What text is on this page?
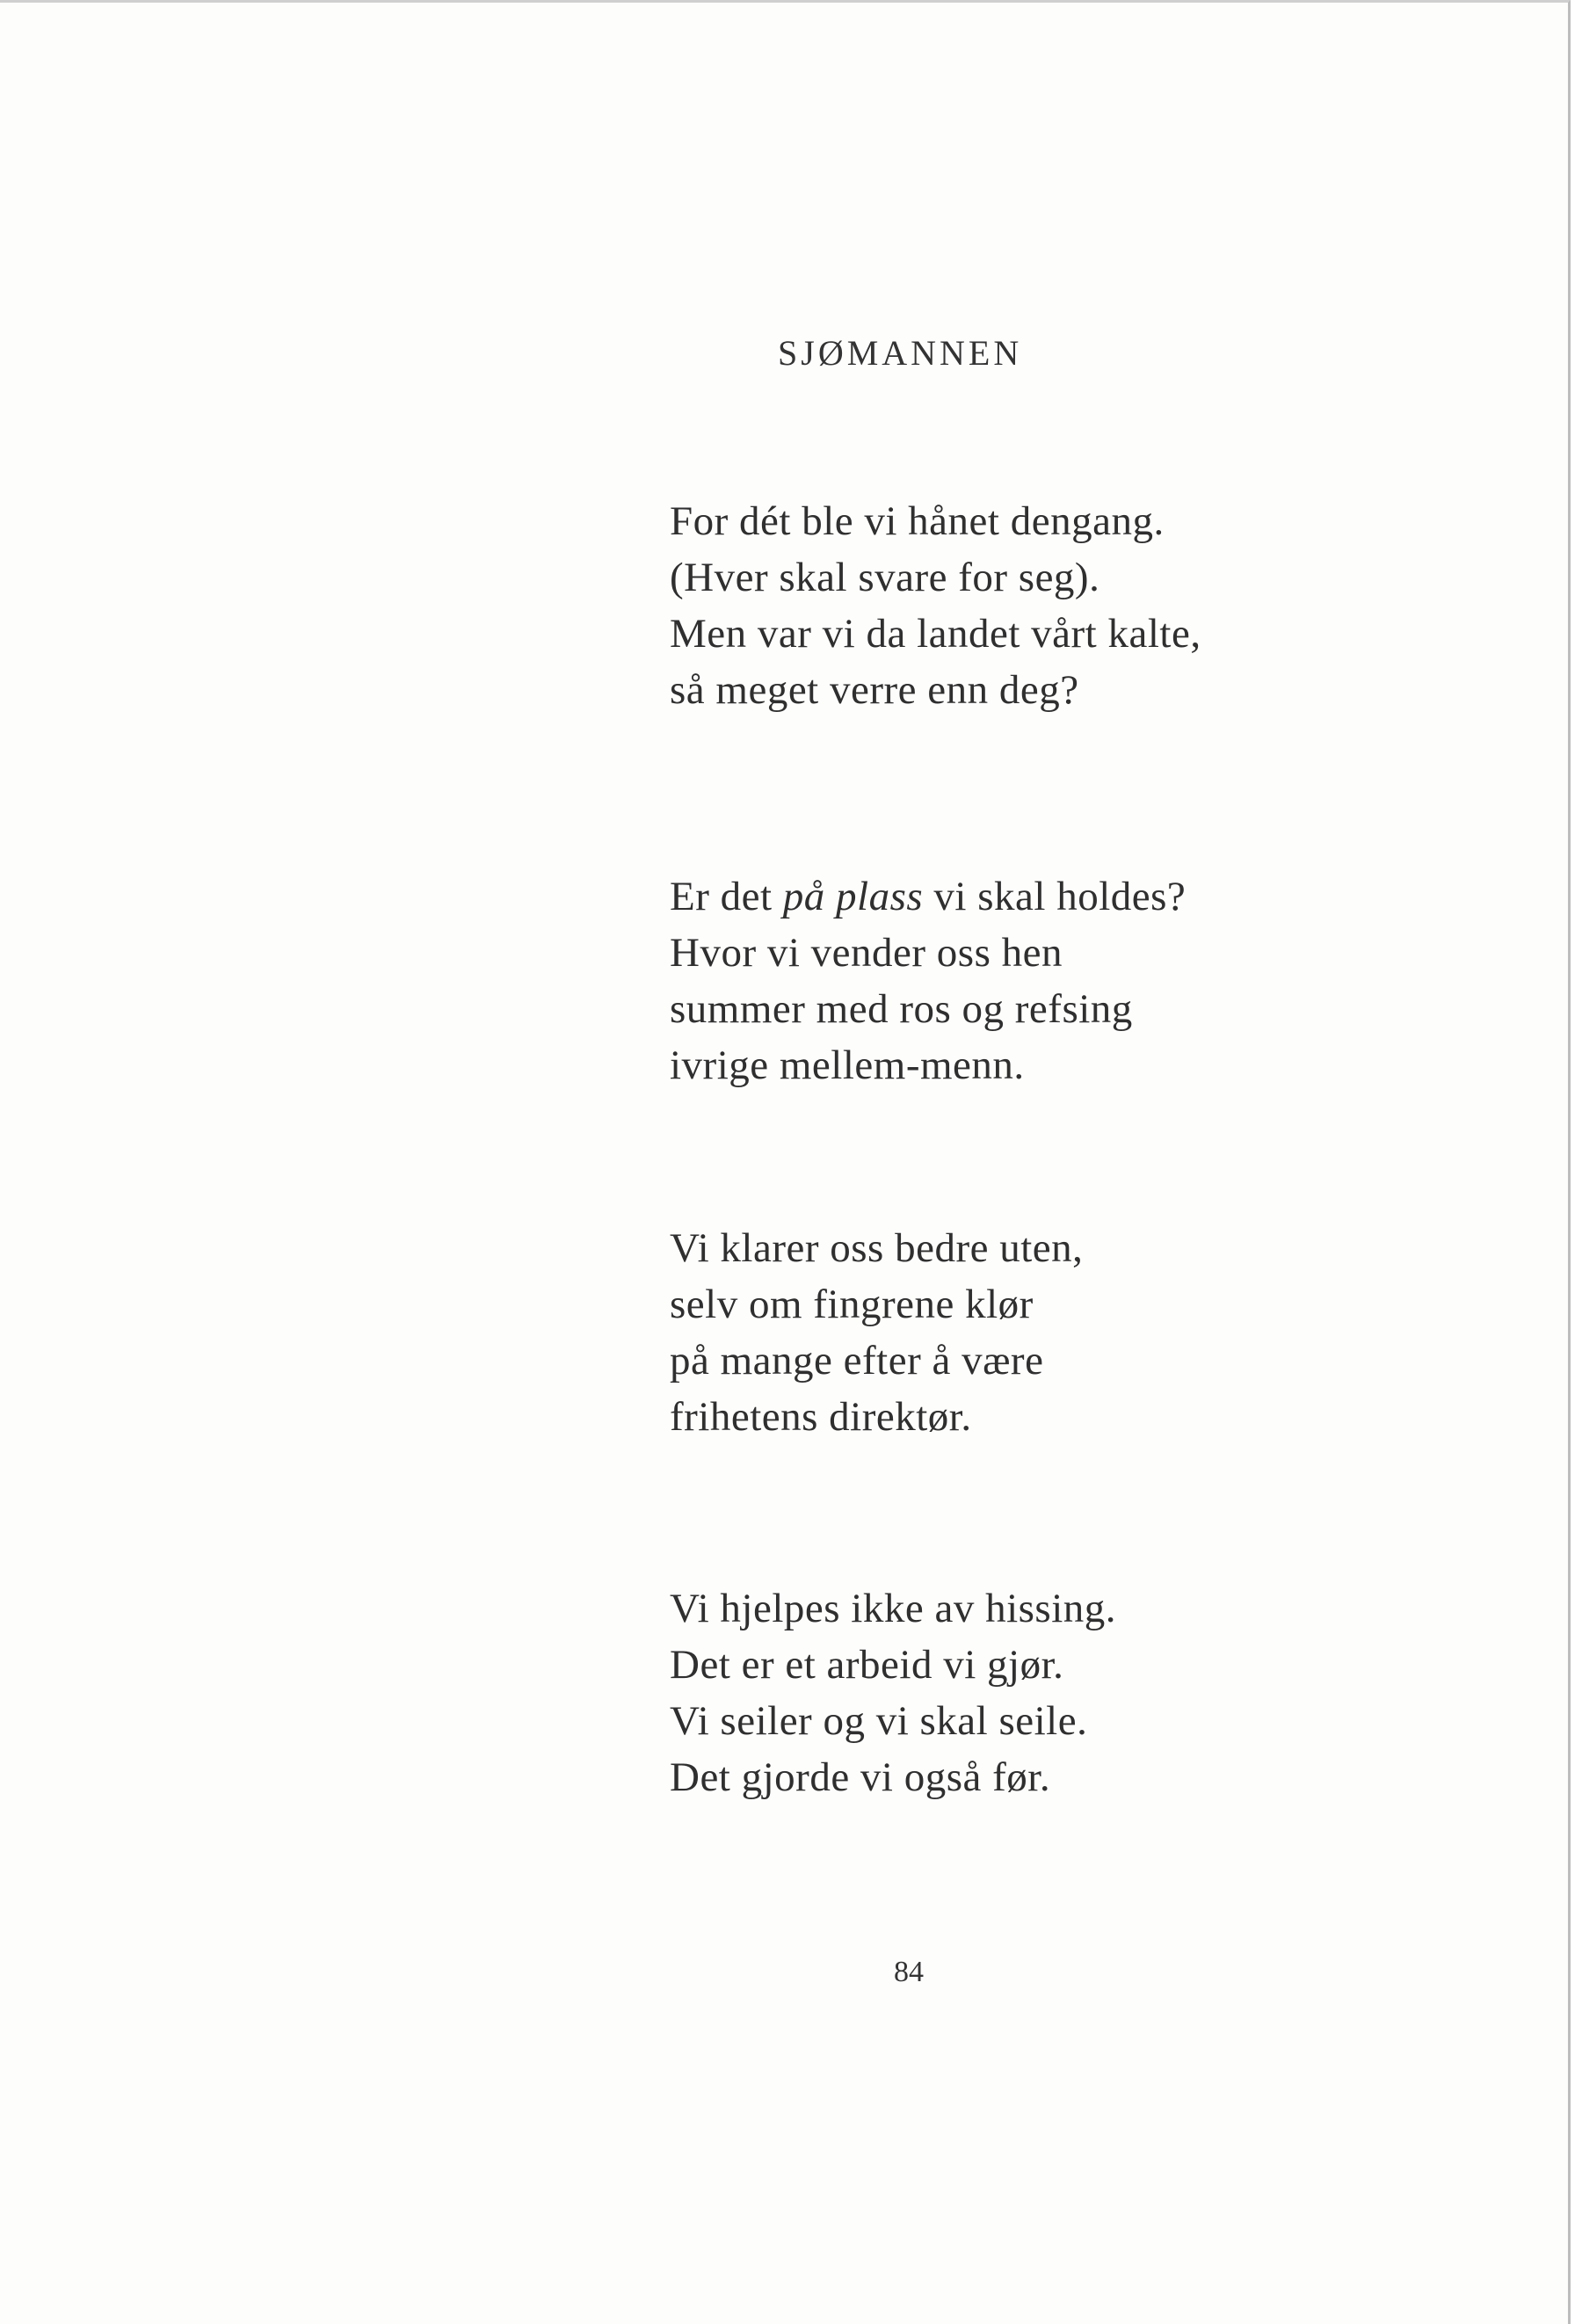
SJØMANNEN
For dét ble vi hånet dengang.
(Hver skal svare for seg).
Men var vi da landet vårt kalte,
så meget verre enn deg?
Er det på plass vi skal holdes?
Hvor vi vender oss hen
summer med ros og refsing
ivrige mellem-menn.
Vi klarer oss bedre uten,
selv om fingrene klør
på mange efter å være
frihetens direktør.
Vi hjelpes ikke av hissing.
Det er et arbeid vi gjør.
Vi seiler og vi skal seile.
Det gjorde vi også før.
84
